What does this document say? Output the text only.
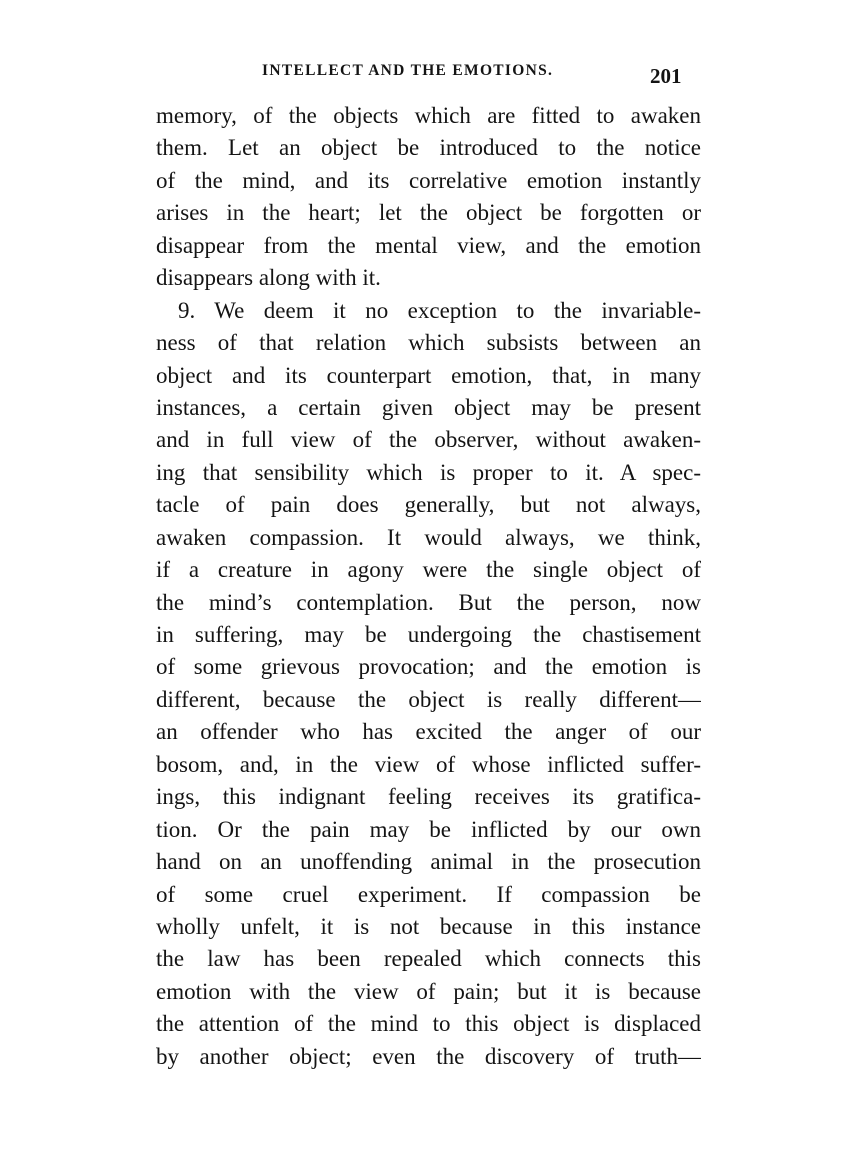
INTELLECT AND THE EMOTIONS.	201
memory, of the objects which are fitted to awaken
them. Let an object be introduced to the notice
of the mind, and its correlative emotion instantly
arises in the heart; let the object be forgotten or
disappear from the mental view, and the emotion
disappears along with it.
9. We deem it no exception to the invariable-
ness of that relation which subsists between an
object and its counterpart emotion, that, in many
instances, a certain given object may be present
and in full view of the observer, without awaken-
ing that sensibility which is proper to it. A spec-
tacle of pain does generally, but not always,
awaken compassion. It would always, we think,
if a creature in agony were the single object of
the mind’s contemplation. But the person, now
in suffering, may be undergoing the chastisement
of some grievous provocation; and the emotion is
different, because the object is really different—
an offender who has excited the anger of our
bosom, and, in the view of whose inflicted suffer-
ings, this indignant feeling receives its gratifica-
tion. Or the pain may be inflicted by our own
hand on an unoffending animal in the prosecution
of some cruel experiment. If compassion be
wholly unfelt, it is not because in this instance
the law has been repealed which connects this
emotion with the view of pain; but it is because
the attention of the mind to this object is displaced
by another object; even the discovery of truth—
